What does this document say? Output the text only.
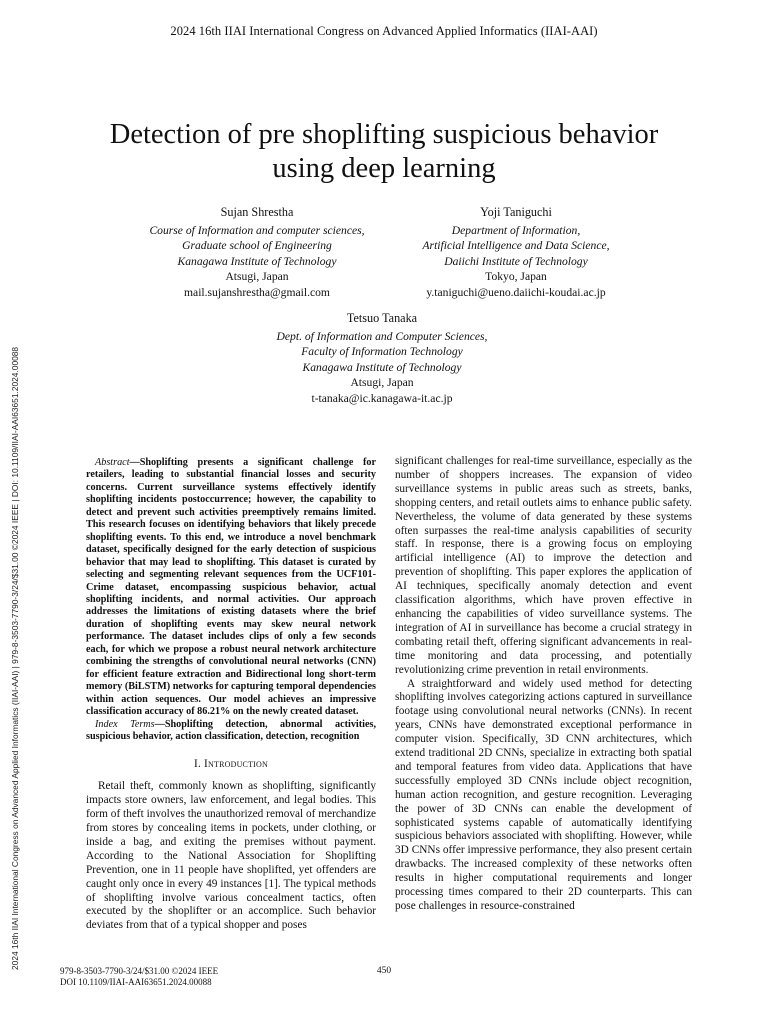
2024 16th IIAI International Congress on Advanced Applied Informatics (IIAI-AAI)
Detection of pre shoplifting suspicious behavior
using deep learning
Sujan Shrestha
Course of Information and computer sciences,
Graduate school of Engineering
Kanagawa Institute of Technology
Atsugi, Japan
mail.sujanshrestha@gmail.com
Yoji Taniguchi
Department of Information,
Artificial Intelligence and Data Science,
Daiichi Institute of Technology
Tokyo, Japan
y.taniguchi@ueno.daiichi-koudai.ac.jp
Tetsuo Tanaka
Dept. of Information and Computer Sciences,
Faculty of Information Technology
Kanagawa Institute of Technology
Atsugi, Japan
t-tanaka@ic.kanagawa-it.ac.jp
2024 16th IIAI International Congress on Advanced Applied Informatics (IIAI-AAI) | 979-8-3503-7790-3/24/$31.00 ©2024 IEEE | DOI: 10.1109/IIAI-AAI63651.2024.00088	Abstract—Shoplifting presents a significant challenge for retailers, leading to substantial financial losses and security concerns. Current surveillance systems effectively identify shoplifting incidents postoccurrence; however, the capability to detect and prevent such activities preemptively remains limited. This research focuses on identifying behaviors that likely precede shoplifting events. To this end, we introduce a novel benchmark dataset, specifically designed for the early detection of suspicious behavior that may lead to shoplifting. This dataset is curated by selecting and segmenting relevant sequences from the UCF101-Crime dataset, encompassing suspicious behavior, actual shoplifting incidents, and normal activities. Our approach addresses the limitations of existing datasets where the brief duration of shoplifting events may skew neural network performance. The dataset includes clips of only a few seconds each, for which we propose a robust neural network architecture combining the strengths of convolutional neural networks (CNN) for efficient feature extraction and Bidirectional long short-term memory (BiLSTM) networks for capturing temporal dependencies within action sequences. Our model achieves an impressive classification accuracy of 86.21% on the newly created dataset.

Index Terms—Shoplifting detection, abnormal activities, suspicious behavior, action classification, detection, recognition

I. Introduction

Retail theft, commonly known as shoplifting, significantly impacts store owners, law enforcement, and legal bodies. This form of theft involves the unauthorized removal of merchandize from stores by concealing items in pockets, under clothing, or inside a bag, and exiting the premises without payment. According to the National Association for Shoplifting Prevention, one in 11 people have shoplifted, yet offenders are caught only once in every 49 instances [1]. The typical methods of shoplifting involve various concealment tactics, often executed by the shoplifter or an accomplice. Such behavior deviates from that of a typical shopper and poses

significant challenges for real-time surveillance, especially as the number of shoppers increases. The expansion of video surveillance systems in public areas such as streets, banks, shopping centers, and retail outlets aims to enhance public safety. Nevertheless, the volume of data generated by these systems often surpasses the real-time analysis capabilities of security staff. In response, there is a growing focus on employing artificial intelligence (AI) to improve the detection and prevention of shoplifting. This paper explores the application of AI techniques, specifically anomaly detection and event classification algorithms, which have proven effective in enhancing the capabilities of video surveillance systems. The integration of AI in surveillance has become a crucial strategy in combating retail theft, offering significant advancements in real-time monitoring and data processing, and potentially revolutionizing crime prevention in retail environments.

A straightforward and widely used method for detecting shoplifting involves categorizing actions captured in surveillance footage using convolutional neural networks (CNNs). In recent years, CNNs have demonstrated exceptional performance in computer vision. Specifically, 3D CNN architectures, which extend traditional 2D CNNs, specialize in extracting both spatial and temporal features from video data. Applications that have successfully employed 3D CNNs include object recognition, human action recognition, and gesture recognition. Leveraging the power of 3D CNNs can enable the development of sophisticated systems capable of automatically identifying suspicious behaviors associated with shoplifting. However, while 3D CNNs offer impressive performance, they also present certain drawbacks. The increased complexity of these networks often results in higher computational requirements and longer processing times compared to their 2D counterparts. This can pose challenges in resource-constrained

979-8-3503-7790-3/24/$31.00 ©2024 IEEE
DOI 10.1109/IIAI-AAI63651.2024.00088
450
